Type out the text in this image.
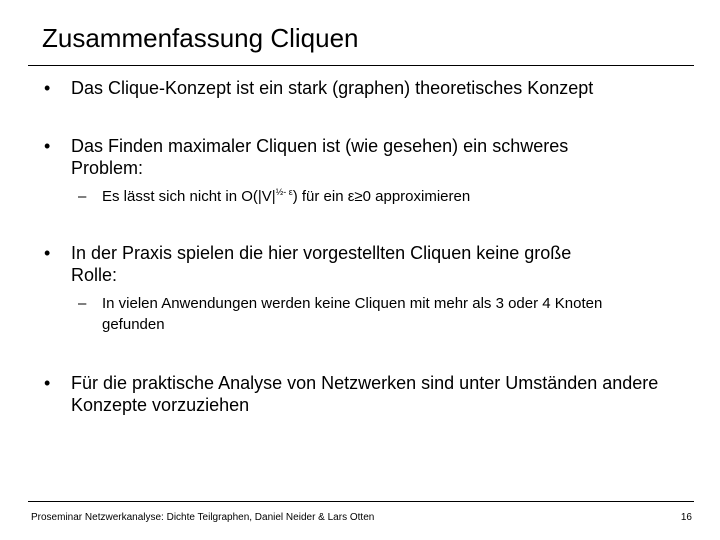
Zusammenfassung Cliquen
• Das Clique-Konzept ist ein stark (graphen) theoretisches Konzept
• Das Finden maximaler Cliquen ist (wie gesehen) ein schweres Problem:
– Es lässt sich nicht in $O(|V|^{\frac{1}{2}- \varepsilon})$ für ein ε≥0 approximieren
• In der Praxis spielen die hier vorgestellten Cliquen keine große Rolle:
– In vielen Anwendungen werden keine Cliquen mit mehr als 3 oder 4 Knoten gefunden
• Für die praktische Analyse von Netzwerken sind unter Umständen andere Konzepte vorzuziehen
Proseminar Netzwerkanalyse: Dichte Teilgraphen, Daniel Neider & Lars Otten	16
